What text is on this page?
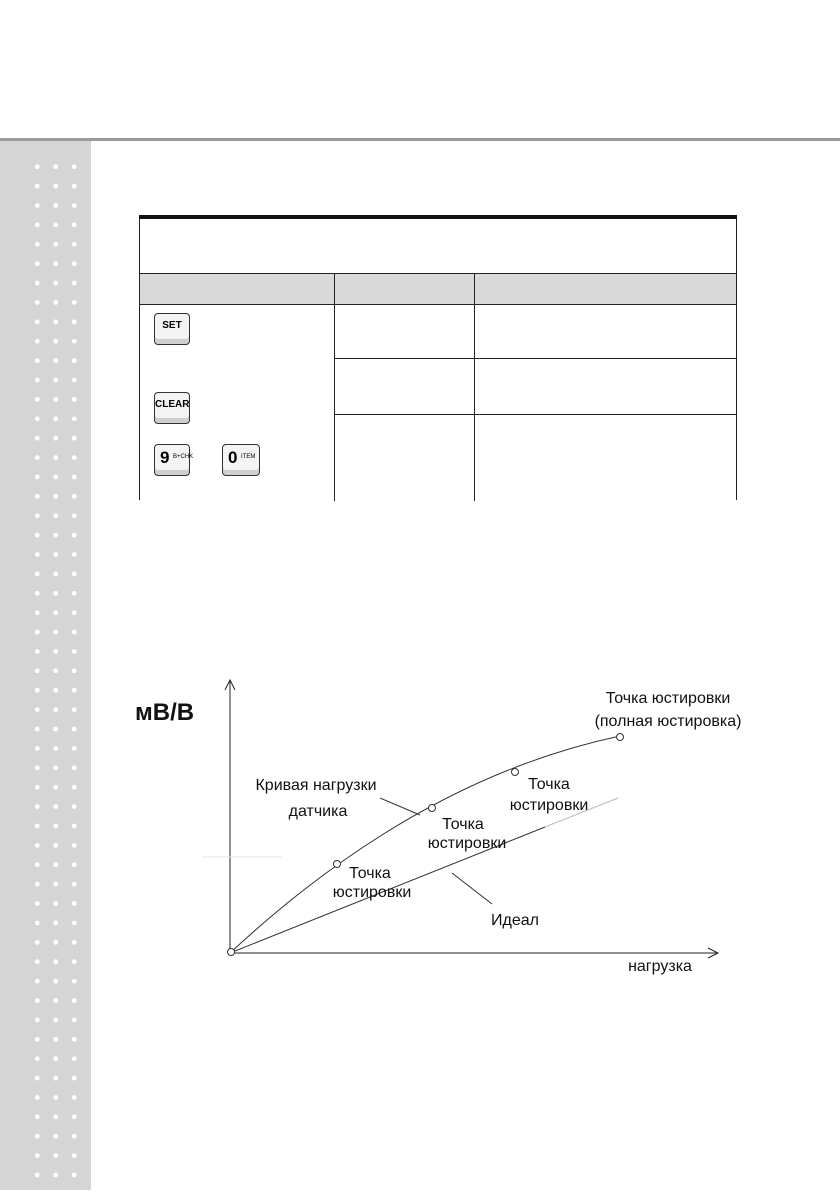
SET
CLEAR
9 B+CHK 0 ITEM
мВ/В
нагрузка
Точка юстировки
(полная юстировка)
Точка
юстировки
Точка
юстировки
Точка
юстировки
Кривая нагрузки
датчика
Идеал
